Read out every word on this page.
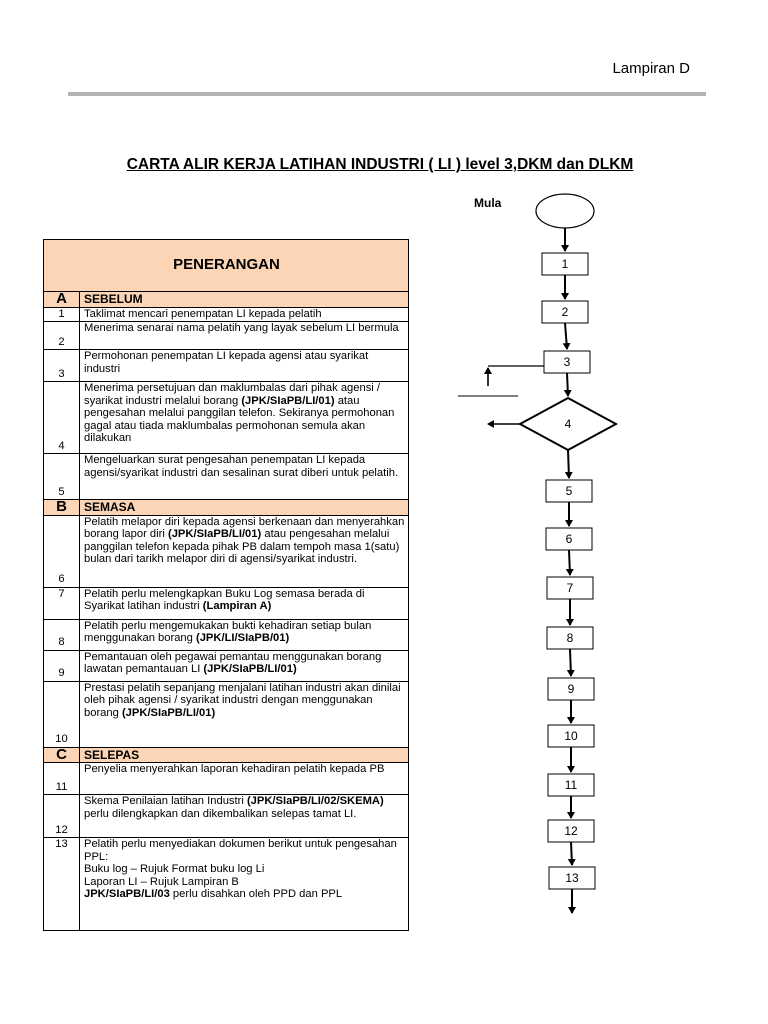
Lampiran D
CARTA ALIR KERJA LATIHAN INDUSTRI ( LI ) level 3,DKM dan DLKM
PENERANGAN	
A	SEBELUM
1	Taklimat mencari penempatan LI kepada pelatih
2	Menerima senarai nama pelatih yang layak sebelum LI bermula
3	Permohonan penempatan LI kepada agensi atau syarikat industri
4	Menerima persetujuan dan maklumbalas dari pihak agensi / syarikat industri melalui borang (JPK/SIaPB/LI/01) atau pengesahan melalui panggilan telefon. Sekiranya permohonan gagal atau tiada maklumbalas permohonan semula akan dilakukan
5	Mengeluarkan surat pengesahan penempatan LI kepada agensi/syarikat industri dan sesalinan surat diberi untuk pelatih.
B	SEMASA
6	Pelatih melapor diri kepada agensi berkenaan dan menyerahkan borang lapor diri (JPK/SIaPB/LI/01) atau pengesahan melalui panggilan telefon kepada pihak PB dalam tempoh masa 1(satu) bulan dari tarikh melapor diri di agensi/syarikat industri.
7	Pelatih perlu melengkapkan Buku Log semasa berada di Syarikat latihan industri (Lampiran A)
8	Pelatih perlu mengemukakan bukti kehadiran setiap bulan menggunakan borang (JPK/LI/SIaPB/01)
9	Pemantauan oleh pegawai pemantau menggunakan borang lawatan pemantauan LI (JPK/SIaPB/LI/01)
10	Prestasi pelatih sepanjang menjalani latihan industri akan dinilai oleh pihak agensi / syarikat industri dengan menggunakan borang (JPK/SIaPB/LI/01)
C	SELEPAS
11	Penyelia menyerahkan laporan kehadiran pelatih kepada PB
12	Skema Penilaian latihan Industri (JPK/SIaPB/LI/02/SKEMA) perlu dilengkapkan dan dikembalikan selepas tamat LI.
13	Pelatih perlu menyediakan dokumen berikut untuk pengesahan PPL:
Buku log – Rujuk Format buku log Li
Laporan LI – Rujuk Lampiran B
JPK/SIaPB/LI/03 perlu disahkan oleh PPD dan PPL
Mula
1
2
3
4
5
6
7
8
9
10
11
12
13
